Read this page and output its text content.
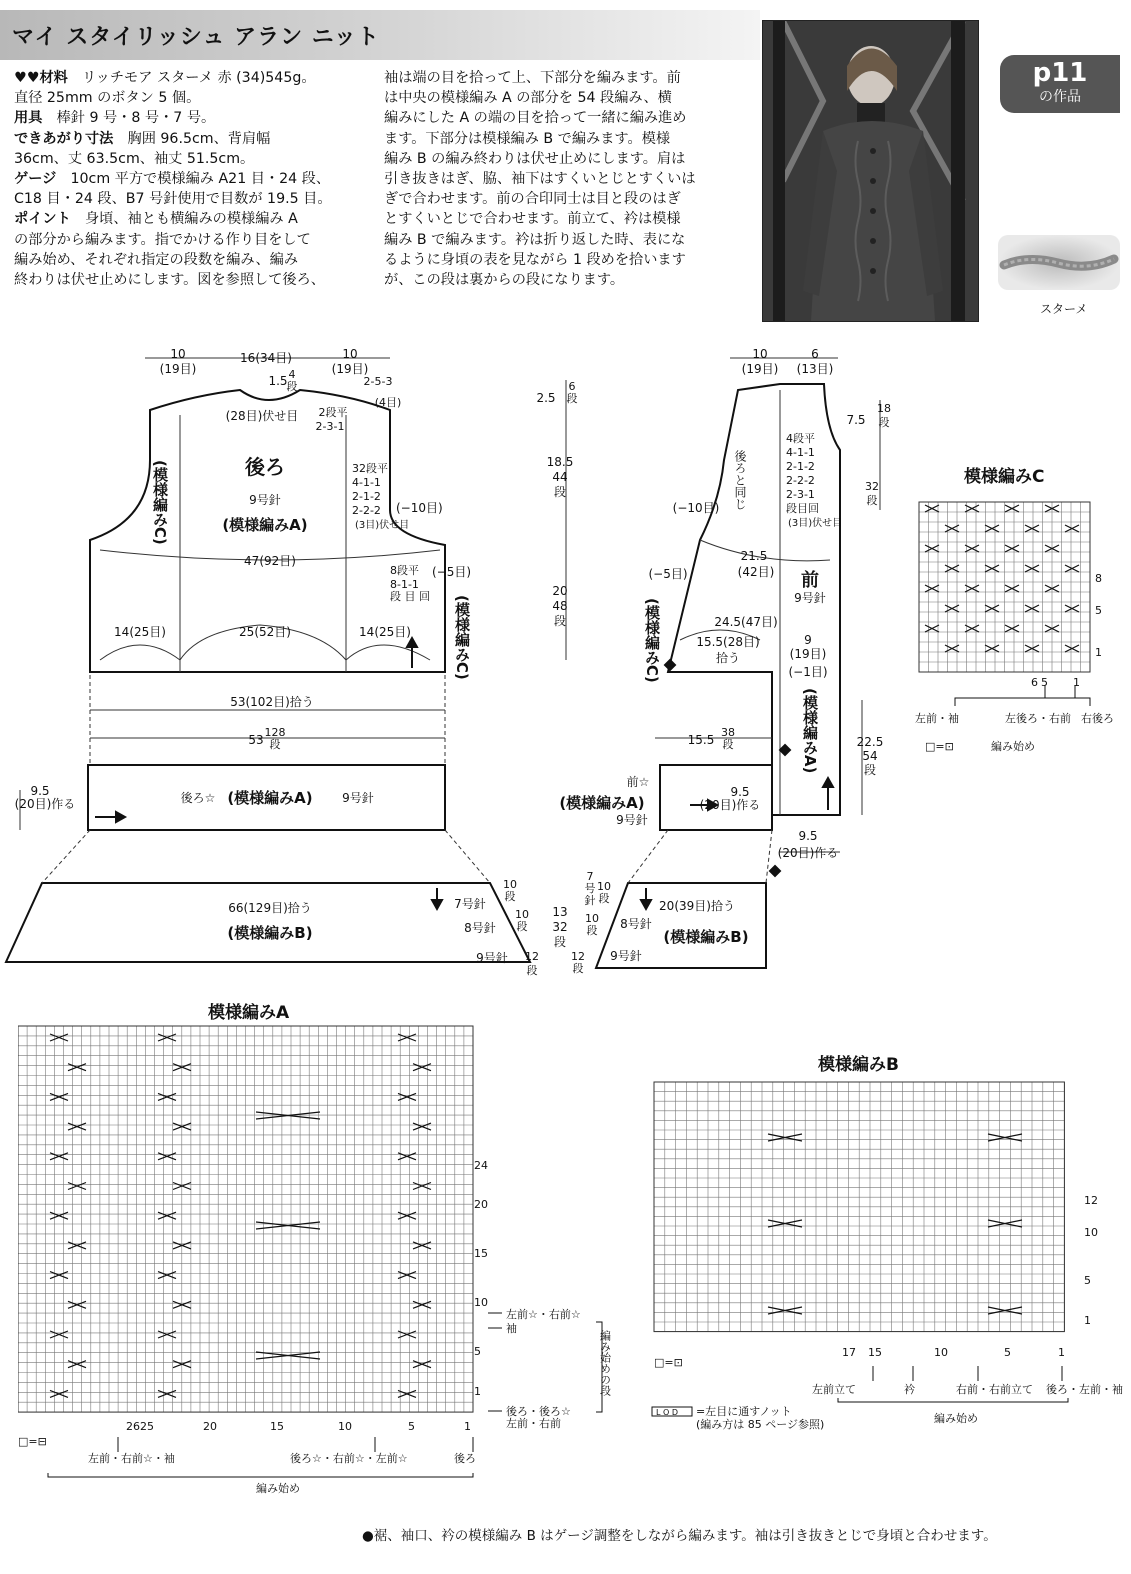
マイ スタイリッシュ アラン ニット
♥♥材料　リッチモア スターメ 赤 (34)545g。
直径 25mm のボタン 5 個。
用具　棒針 9 号・8 号・7 号。
できあがり寸法　胸囲 96.5cm、背肩幅
36cm、丈 63.5cm、袖丈 51.5cm。
ゲージ　10cm 平方で模様編み A21 目・24 段、
C18 目・24 段、B7 号針使用で目数が 19.5 目。
ポイント　身頃、袖とも横編みの模様編み A
の部分から編みます。指でかける作り目をして
編み始め、それぞれ指定の段数を編み、編み
終わりは伏せ止めにします。図を参照して後ろ、
袖は端の目を拾って上、下部分を編みます。前
は中央の模様編み A の部分を 54 段編み、横
編みにした A の端の目を拾って一緒に編み進め
ます。下部分は模様編み B で編みます。模様
編み B の編み終わりは伏せ止めにします。肩は
引き抜きはぎ、脇、袖下はすくいとじとすくいは
ぎで合わせます。前の合印同士は目と段のはぎ
とすくいとじで合わせます。前立て、衿は模様
編み B で編みます。衿は折り返した時、表にな
るように身頃の表を見ながら 1 段めを拾います
が、この段は裏からの段になります。
p11
の作品
スターメ
10
(19目)
16(34目)	10
(19目)
1.5 4
段
(28目)伏せ目 2段平
2-3-1
2-5-3
(4目)
後ろ
9号針
(模様編みA)
47(92目)
14(25目)	25(52目)	14(25目)
53(102目)拾う
53
128
段
9.5
(20目)作る	後ろ☆ (模様編みA) 9号針
66(129目)拾う
(模様編みB)
7号針
8号針
9号針
10
段
10
段
12
段
32段平
4-1-1
2-1-2
2-2-2
(3目)伏せ目
(−10目)
8段平
8-1-1
段 目 回
(−5目)
(模様編みC)
(模様編みC)
2.5
6
段
18.5
44
段
20
48
段
7
号
針
10
段
13
32
段
10
段
12
段
10
(19目)
6
(13目)
7.5
18
段
32
段
(−10目)
21.5
(42目) 前
9号針
(−5目)
24.5(47目)
15.5(28目)
拾う
9
(19目)
(−1目)
22.5
54
段
15.5
38
段
前☆
(模様編みA)
9号針
9.5
(20目)作る
9.5
(20目)作る
20(39目)拾う
(模様編みB)
8号針
9号針
4段平
4-1-1
2-1-2
2-2-2
2-3-1
段目回
(3目)伏せ目
後ろと同じ
(模様編みC)
(模様編みA)
模様編みC
8
5
1
6 5 1
左前・袖	左後ろ・右前 右後ろ
□=⊡	編み始め
模様編みA
24
20
15
10
5
1
2625	20	15	10	5	1
左前☆・右前☆
袖
後ろ・後ろ☆
左前・右前
左前・右前☆・袖	後ろ☆・右前☆・左前☆	後ろ
編み始め
□=⊟
編み始めの段
模様編みB
12
10
5
1
17 15	10	5	1
左前立て	衿	右前・右前立て 後ろ・左前・袖
編み始め
□=⊡
=左目に通すノット
(編み方は 85 ページ参照)
L O D
●裾、袖口、衿の模様編み B はゲージ調整をしながら編みます。袖は引き抜きとじで身頃と合わせます。
